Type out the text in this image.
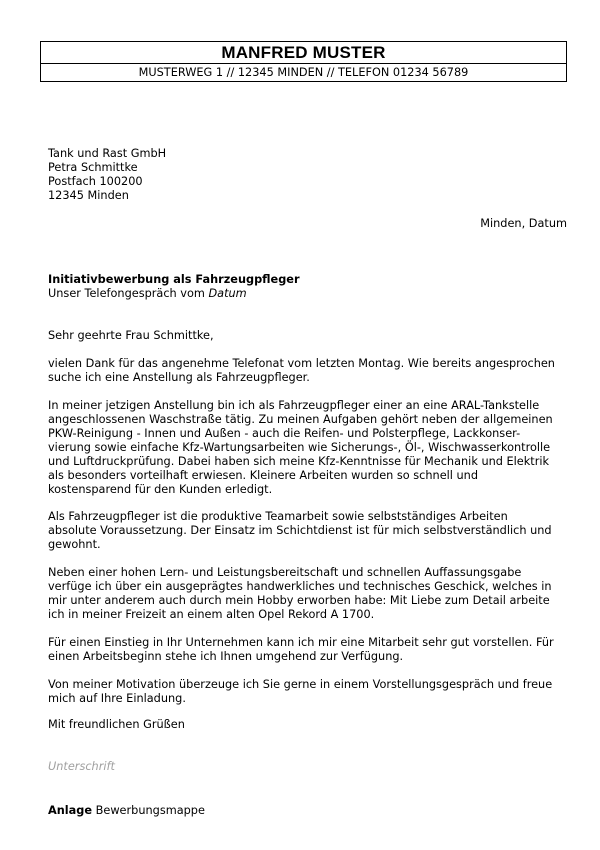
MANFRED MUSTER
MUSTERWEG 1 // 12345 MINDEN // TELEFON 01234 56789
Tank und Rast GmbH
Petra Schmittke
Postfach 100200
12345 Minden
Minden, Datum
Initiativbewerbung als Fahrzeugpfleger
Unser Telefongespräch vom Datum
Sehr geehrte Frau Schmittke,
vielen Dank für das angenehme Telefonat vom letzten Montag. Wie bereits angesprochen
suche ich eine Anstellung als Fahrzeugpfleger.
In meiner jetzigen Anstellung bin ich als Fahrzeugpfleger einer an eine ARAL-Tankstelle
angeschlossenen Waschstraße tätig. Zu meinen Aufgaben gehört neben der allgemeinen
PKW-Reinigung - Innen und Außen - auch die Reifen- und Polsterpflege, Lackkonser-
vierung sowie einfache Kfz-Wartungsarbeiten wie Sicherungs-, Öl-, Wischwasserkontrolle
und Luftdruckprüfung. Dabei haben sich meine Kfz-Kenntnisse für Mechanik und Elektrik
als besonders vorteilhaft erwiesen. Kleinere Arbeiten wurden so schnell und
kostensparend für den Kunden erledigt.
Als Fahrzeugpfleger ist die produktive Teamarbeit sowie selbstständiges Arbeiten
absolute Voraussetzung. Der Einsatz im Schichtdienst ist für mich selbstverständlich und
gewohnt.
Neben einer hohen Lern- und Leistungsbereitschaft und schnellen Auffassungsgabe
verfüge ich über ein ausgeprägtes handwerkliches und technisches Geschick, welches in
mir unter anderem auch durch mein Hobby erworben habe: Mit Liebe zum Detail arbeite
ich in meiner Freizeit an einem alten Opel Rekord A 1700.
Für einen Einstieg in Ihr Unternehmen kann ich mir eine Mitarbeit sehr gut vorstellen. Für
einen Arbeitsbeginn stehe ich Ihnen umgehend zur Verfügung.
Von meiner Motivation überzeuge ich Sie gerne in einem Vorstellungsgespräch und freue
mich auf Ihre Einladung.
Mit freundlichen Grüßen
Unterschrift
Anlage Bewerbungsmappe
